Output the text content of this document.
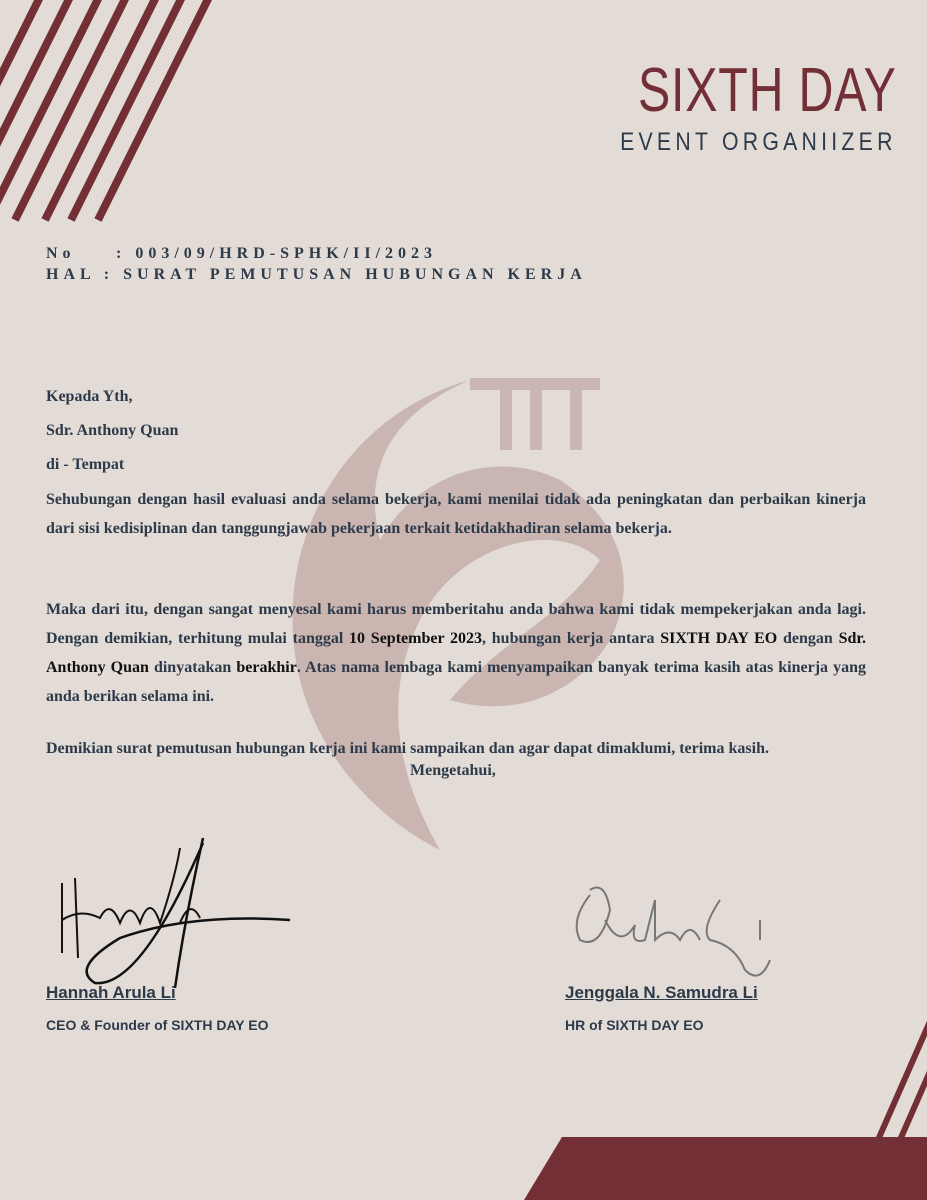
SIXTH DAY
EVENT ORGANIIZER
No	: 003/09/HRD-SPHK/II/2023
HAL : SURAT PEMUTUSAN HUBUNGAN KERJA
Kepada Yth,
Sdr. Anthony Quan
di - Tempat
Sehubungan dengan hasil evaluasi anda selama bekerja, kami menilai tidak ada peningkatan dan perbaikan kinerja dari sisi kedisiplinan dan tanggungjawab pekerjaan terkait ketidakhadiran selama bekerja.
Maka dari itu, dengan sangat menyesal kami harus memberitahu anda bahwa kami tidak mempekerjakan anda lagi. Dengan demikian, terhitung mulai tanggal 10 September 2023, hubungan kerja antara SIXTH DAY EO dengan Sdr. Anthony Quan dinyatakan berakhir. Atas nama lembaga kami menyampaikan banyak terima kasih atas kinerja yang anda berikan selama ini.
Demikian surat pemutusan hubungan kerja ini kami sampaikan dan agar dapat dimaklumi, terima kasih.
Mengetahui,
Hannah Arula Li
CEO & Founder of SIXTH DAY EO
Jenggala N. Samudra Li
HR of SIXTH DAY EO
